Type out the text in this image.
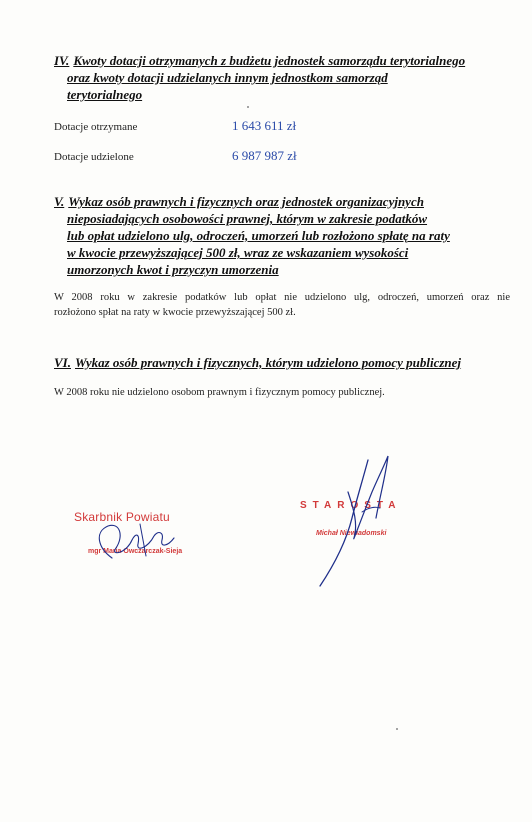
IV. Kwoty dotacji otrzymanych z budżetu jednostek samorządu terytorialnego
oraz kwoty dotacji udzielanych innym jednostkom samorząd
terytorialnego
Dotacje otrzymane	1 643 611 zł
Dotacje udzielone	6 987 987 zł
V. Wykaz osób prawnych i fizycznych oraz jednostek organizacyjnych
nieposiadających osobowości prawnej, którym w zakresie podatków
lub opłat udzielono ulg, odroczeń, umorzeń lub rozłożono spłatę na raty
w kwocie przewyższającej 500 zł, wraz ze wskazaniem wysokości
umorzonych kwot i przyczyn umorzenia
W 2008 roku w zakresie podatków lub opłat nie udzielono ulg, odroczeń, umorzeń oraz nie
rozłożono spłat na raty w kwocie przewyższającej 500 zł.
VI. Wykaz osób prawnych i fizycznych, którym udzielono pomocy publicznej
W 2008 roku nie udzielono osobom prawnym i fizycznym pomocy publicznej.
Skarbnik Powiatu
mgr Maria Owczarczak-Sieja
STAROSTA
Michał Niewiadomski
